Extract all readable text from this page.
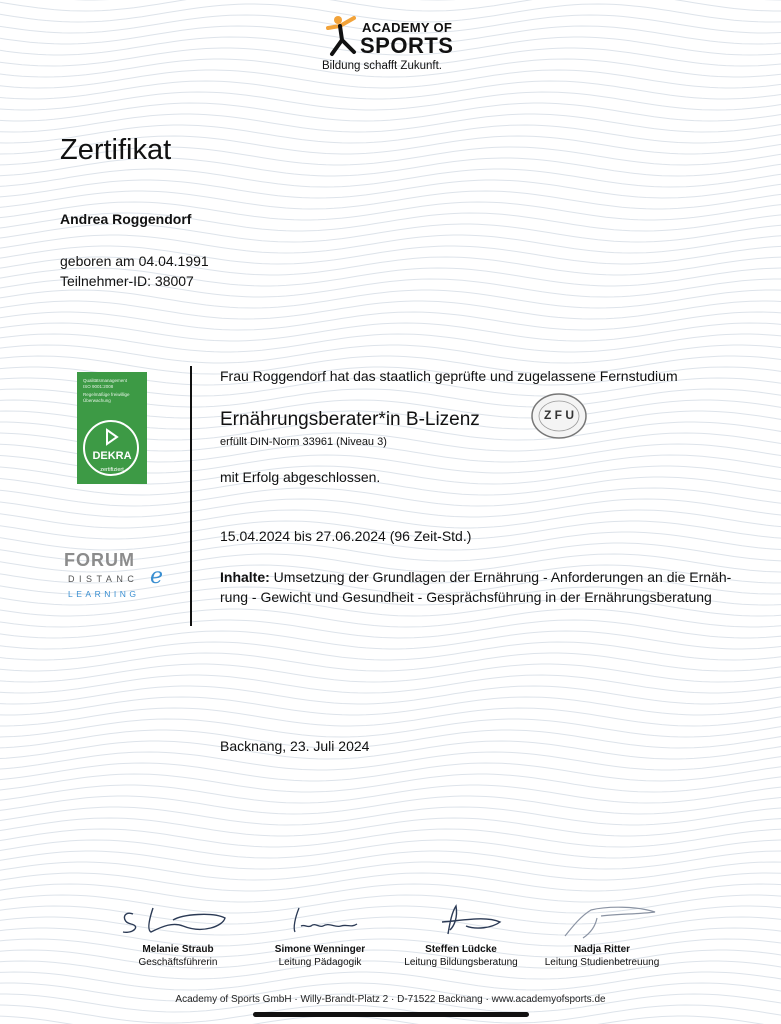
ACADEMY OF
SPORTS
Bildung schafft Zukunft.
Zertifikat
Andrea Roggendorf
geboren am 04.04.1991
Teilnehmer-ID: 38007
Qualitätsmanagement
ISO 9001:2008
Regelmäßige freiwillige
Überwachung
DEKRA
zertifiziert
FORUM
DISTANC e
LEARNING
Frau Roggendorf hat das staatlich geprüfte und zugelassene Fernstudium
Ernährungsberater*in B-Lizenz
erfüllt DIN-Norm 33961 (Niveau 3)
Z F U
mit Erfolg abgeschlossen.
15.04.2024 bis 27.06.2024 (96 Zeit-Std.)
Inhalte: Umsetzung der Grundlagen der Ernährung - Anforderungen an die Ernäh-
rung - Gewicht und Gesundheit - Gesprächsführung in der Ernährungsberatung
Backnang, 23. Juli 2024
Melanie Straub
Geschäftsführerin
Simone Wenninger
Leitung Pädagogik
Steffen Lüdcke
Leitung Bildungsberatung
Nadja Ritter
Leitung Studienbetreuung
Academy of Sports GmbH · Willy-Brandt-Platz 2 · D-71522 Backnang · www.academyofsports.de
